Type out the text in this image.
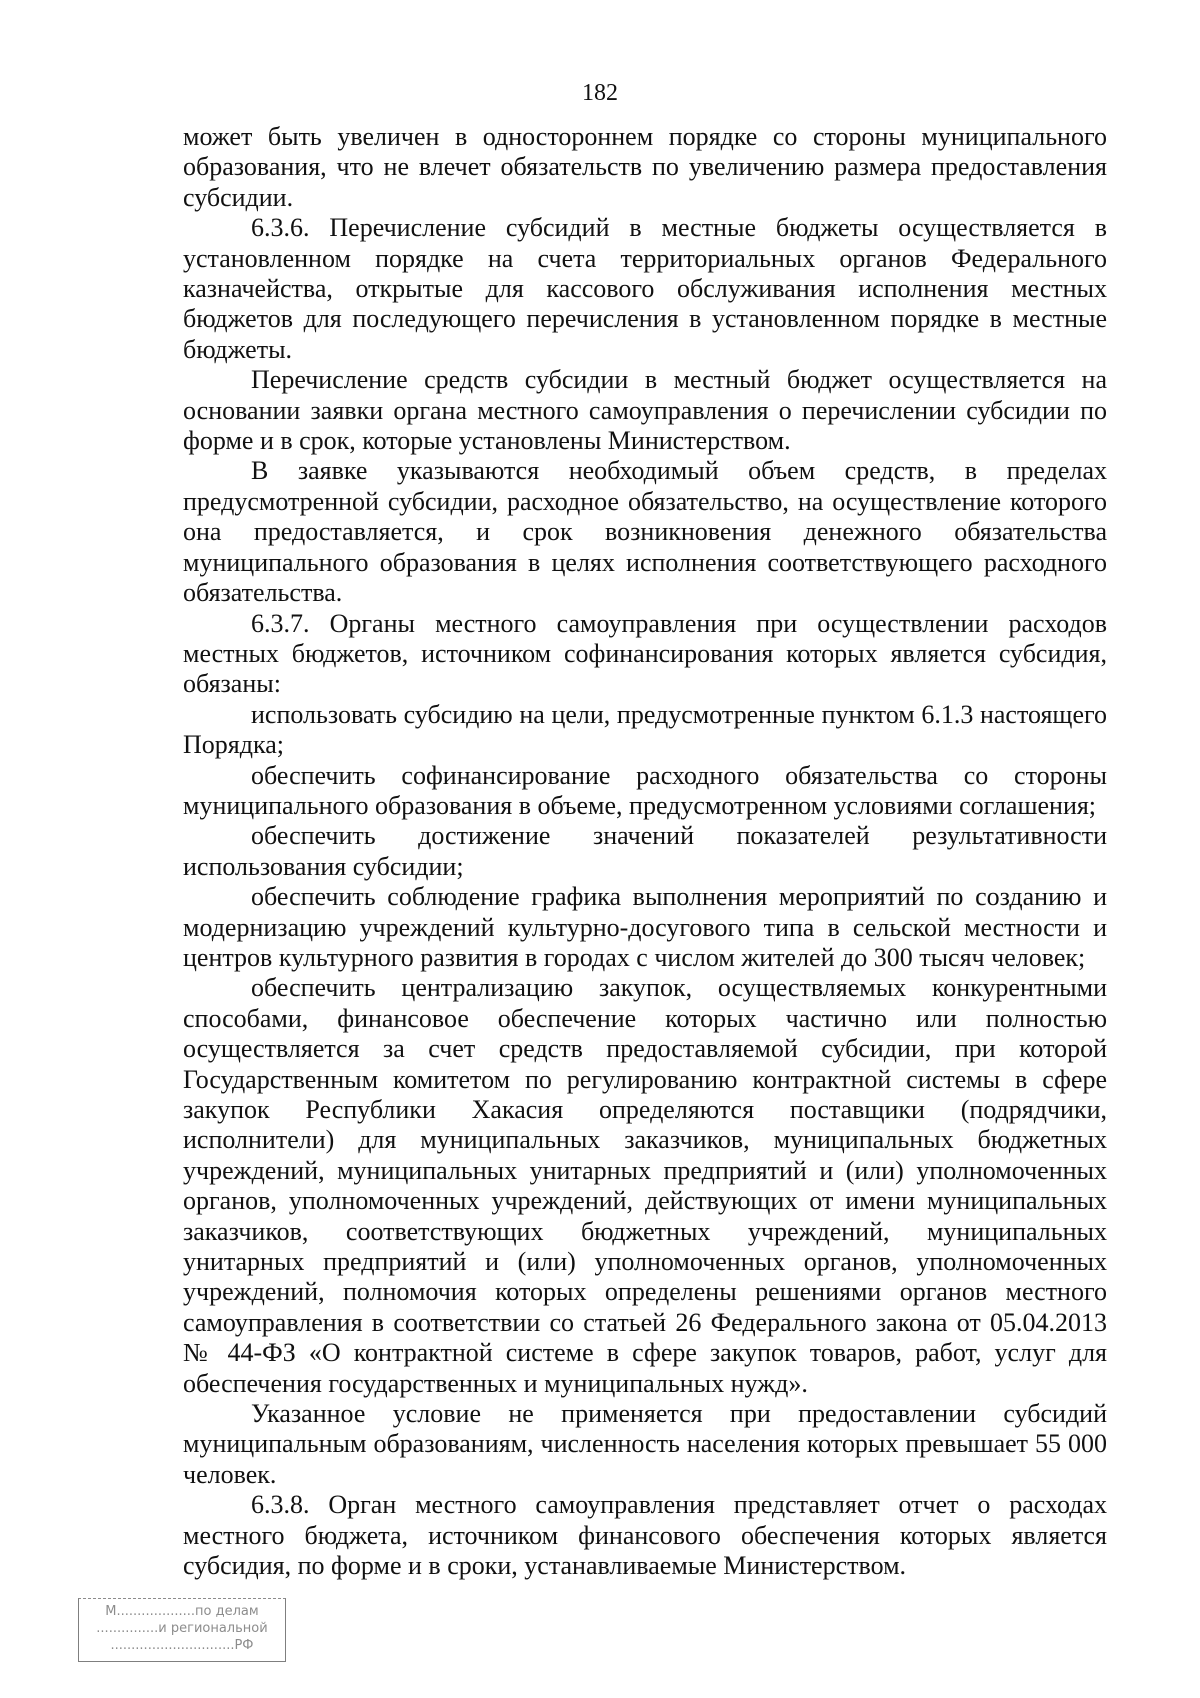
182

может быть увеличен в одностороннем порядке со стороны муниципального образования, что не влечет обязательств по увеличению размера предоставления субсидии.

6.3.6. Перечисление субсидий в местные бюджеты осуществляется в установленном порядке на счета территориальных органов Федерального казначейства, открытые для кассового обслуживания исполнения местных бюджетов для последующего перечисления в установленном порядке в местные бюджеты.

Перечисление средств субсидии в местный бюджет осуществляется на основании заявки органа местного самоуправления о перечислении субсидии по форме и в срок, которые установлены Министерством.

В заявке указываются необходимый объем средств, в пределах предусмотренной субсидии, расходное обязательство, на осуществление которого она предоставляется, и срок возникновения денежного обязательства муниципального образования в целях исполнения соответствующего расходного обязательства.

6.3.7. Органы местного самоуправления при осуществлении расходов местных бюджетов, источником софинансирования которых является субсидия, обязаны:

использовать субсидию на цели, предусмотренные пунктом 6.1.3 настоящего Порядка;

обеспечить софинансирование расходного обязательства со стороны муниципального образования в объеме, предусмотренном условиями соглашения;

обеспечить достижение значений показателей результативности использования субсидии;

обеспечить соблюдение графика выполнения мероприятий по созданию и модернизацию учреждений культурно-досугового типа в сельской местности и центров культурного развития в городах с числом жителей до 300 тысяч человек;

обеспечить централизацию закупок, осуществляемых конкурентными способами, финансовое обеспечение которых частично или полностью осуществляется за счет средств предоставляемой субсидии, при которой Государственным комитетом по регулированию контрактной системы в сфере закупок Республики Хакасия определяются поставщики (подрядчики, исполнители) для муниципальных заказчиков, муниципальных бюджетных учреждений, муниципальных унитарных предприятий и (или) уполномоченных органов, уполномоченных учреждений, действующих от имени муниципальных заказчиков, соответствующих бюджетных учреждений, муниципальных унитарных предприятий и (или) уполномоченных органов, уполномоченных учреждений, полномочия которых определены решениями органов местного самоуправления в соответствии со статьей 26 Федерального закона от 05.04.2013 № 44-ФЗ «О контрактной системе в сфере закупок товаров, работ, услуг для обеспечения государственных и муниципальных нужд».

Указанное условие не применяется при предоставлении субсидий муниципальным образованиям, численность населения которых превышает 55 000 человек.

6.3.8. Орган местного самоуправления представляет отчет о расходах местного бюджета, источником финансового обеспечения которых является субсидия, по форме и в сроки, устанавливаемые Министерством.

М...................по делам
...............и региональной
..............................РФ
